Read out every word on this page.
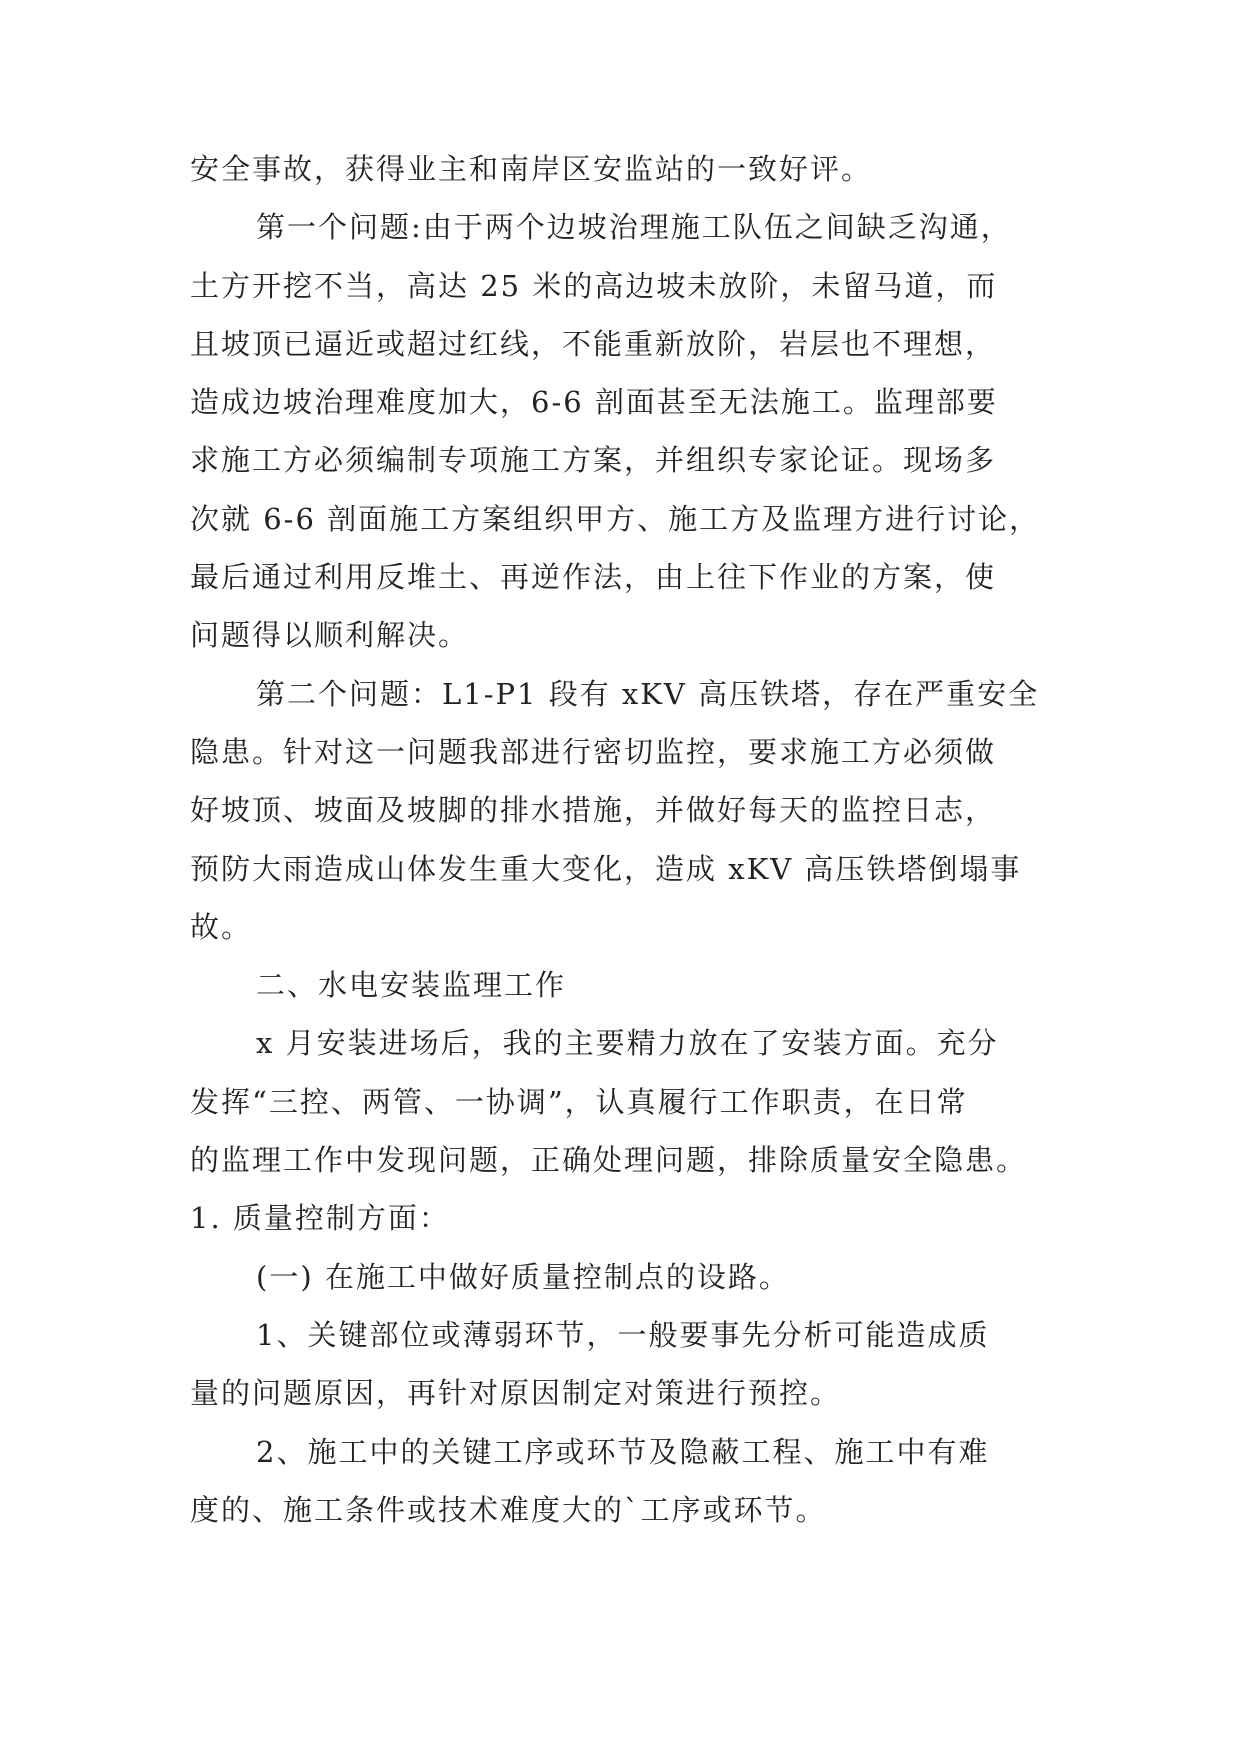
安全事故，获得业主和南岸区安监站的一致好评。
第一个问题:由于两个边坡治理施工队伍之间缺乏沟通，
土方开挖不当，高达 25 米的高边坡未放阶，未留马道，而
且坡顶已逼近或超过红线，不能重新放阶，岩层也不理想，
造成边坡治理难度加大，6-6 剖面甚至无法施工。监理部要
求施工方必须编制专项施工方案，并组织专家论证。现场多
次就 6-6 剖面施工方案组织甲方、施工方及监理方进行讨论，
最后通过利用反堆土、再逆作法，由上往下作业的方案，使
问题得以顺利解决。
第二个问题：L1-P1 段有 xKV 高压铁塔，存在严重安全
隐患。针对这一问题我部进行密切监控，要求施工方必须做
好坡顶、坡面及坡脚的排水措施，并做好每天的监控日志，
预防大雨造成山体发生重大变化，造成 xKV 高压铁塔倒塌事
故。
二、水电安装监理工作
x 月安装进场后，我的主要精力放在了安装方面。充分
发挥“三控、两管、一协调”，认真履行工作职责，在日常
的监理工作中发现问题，正确处理问题，排除质量安全隐患。
1. 质量控制方面：
(一) 在施工中做好质量控制点的设路。
1、关键部位或薄弱环节，一般要事先分析可能造成质
量的问题原因，再针对原因制定对策进行预控。
2、施工中的关键工序或环节及隐蔽工程、施工中有难
度的、施工条件或技术难度大的`工序或环节。
